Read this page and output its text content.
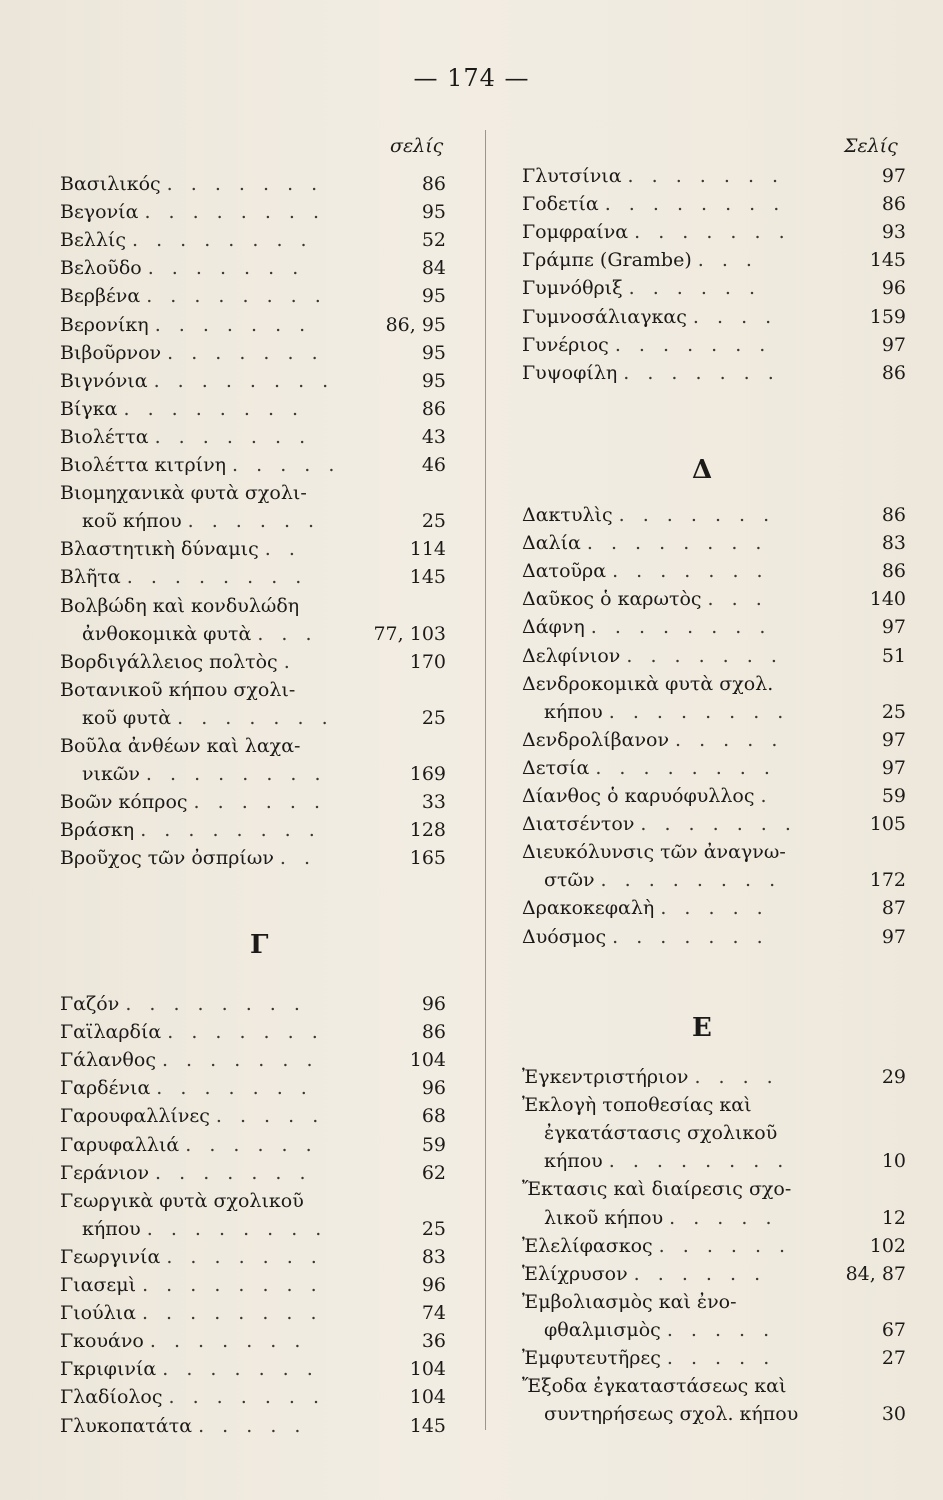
— 174 —
σελίς
Βασιλικός . . . . . . .	86
Βεγονία . . . . . . . .	95
Βελλίς . . . . . . . .	52
Βελοῦδο . . . . . . .	84
Βερβένα . . . . . . . .	95
Βερονίκη . . . . . . .	86, 95
Βιβοῦρνον . . . . . . .	95
Βιγνόνια . . . . . . . .	95
Βίγκα . . . . . . . .	86
Βιολέττα . . . . . . .	43
Βιολέττα κιτρίνη . . . . .	46
Βιομηχανικὰ φυτὰ σχολι-
κοῦ κήπου . . . . . .	25
Βλαστητικὴ δύναμις . .	114
Βλῆτα . . . . . . . .	145
Βολβώδη καὶ κονδυλώδη
ἀνθοκομικὰ φυτὰ . . .	77, 103
Βορδιγάλλειος πολτὸς .	170
Βοτανικοῦ κήπου σχολι-
κοῦ φυτὰ . . . . . . .	25
Βοῦλα ἀνθέων καὶ λαχα-
νικῶν . . . . . . . .	169
Βοῶν κόπρος . . . . . .	33
Βράσκη . . . . . . . .	128
Βροῦχος τῶν ὀσπρίων . .	165
Γ
Γαζόν . . . . . . . .	96
Γαϊλαρδία . . . . . . .	86
Γάλανθος . . . . . . .	104
Γαρδένια . . . . . . .	96
Γαρουφαλλίνες . . . . .	68
Γαρυφαλλιά . . . . . .	59
Γεράνιον . . . . . . .	62
Γεωργικὰ φυτὰ σχολικοῦ
κήπου . . . . . . . .	25
Γεωργινία . . . . . . .	83
Γιασεμὶ . . . . . . . .	96
Γιούλια . . . . . . . .	74
Γκουάνο . . . . . . .	36
Γκριφινία . . . . . . .	104
Γλαδίολος . . . . . . .	104
Γλυκοπατάτα . . . . .	145
Σελίς
Γλυτσίνια . . . . . . .	97
Γοδετία . . . . . . . .	86
Γομφραίνα . . . . . . .	93
Γράμπε (Grambe) . . .	145
Γυμνόθριξ . . . . . .	96
Γυμνοσάλιαγκας . . . .	159
Γυνέριος . . . . . . .	97
Γυψοφίλη . . . . . . .	86
Δ
Δακτυλὶς . . . . . . .	86
Δαλία . . . . . . . .	83
Δατοῦρα . . . . . . .	86
Δαῦκος ὁ καρωτὸς . . .	140
Δάφνη . . . . . . . .	97
Δελφίνιον . . . . . . .	51
Δενδροκομικὰ φυτὰ σχολ.
κήπου . . . . . . . .	25
Δενδρολίβανον . . . . .	97
Δετσία . . . . . . . .	97
Δίανθος ὁ καρυόφυλλος .	59
Διατσέντον . . . . . . .	105
Διευκόλυνσις τῶν ἀναγνω-
στῶν . . . . . . . .	172
Δρακοκεφαλὴ . . . . .	87
Δυόσμος . . . . . . .	97
Ε
Ἐγκεντριστήριον . . . .	29
Ἐκλογὴ τοποθεσίας καὶ
ἐγκατάστασις σχολικοῦ
κήπου . . . . . . . .	10
Ἔκτασις καὶ διαίρεσις σχο-
λικοῦ κήπου . . . . .	12
Ἐλελίφασκος . . . . . .	102
Ἑλίχρυσον . . . . . .	84, 87
Ἐμβολιασμὸς καὶ ἐνο-
φθαλμισμὸς . . . . .	67
Ἐμφυτευτῆρες . . . . .	27
Ἔξοδα ἐγκαταστάσεως καὶ
συντηρήσεως σχολ. κήπου	30
